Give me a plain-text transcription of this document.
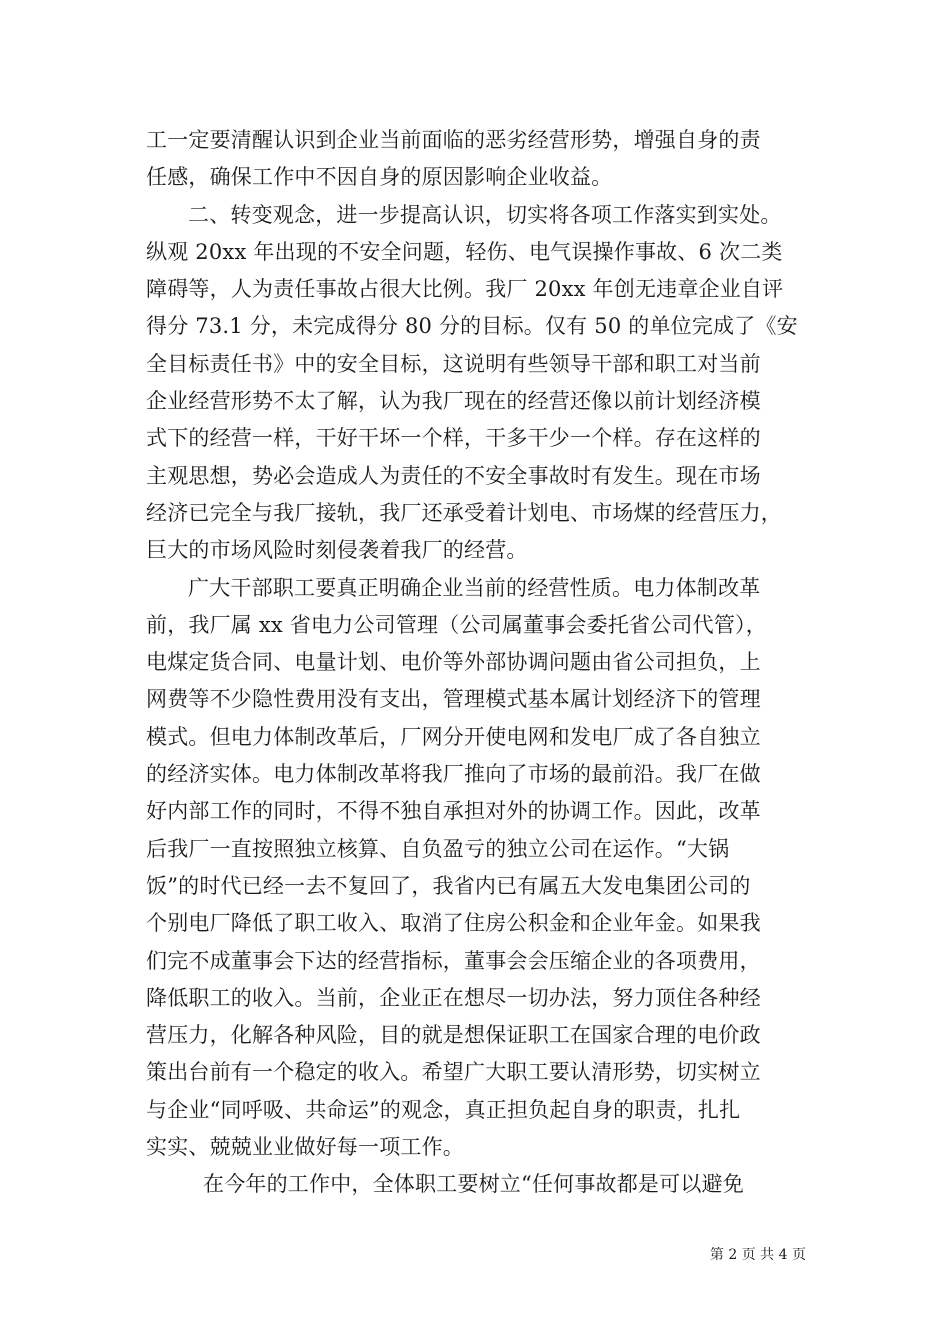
工一定要清醒认识到企业当前面临的恶劣经营形势，增强自身的责
任感，确保工作中不因自身的原因影响企业收益。
二、转变观念，进一步提高认识，切实将各项工作落实到实处。
纵观 20xx 年出现的不安全问题，轻伤、电气误操作事故、6 次二类
障碍等，人为责任事故占很大比例。我厂 20xx 年创无违章企业自评
得分 73.1 分，未完成得分 80 分的目标。仅有 50 的单位完成了《安
全目标责任书》中的安全目标，这说明有些领导干部和职工对当前
企业经营形势不太了解，认为我厂现在的经营还像以前计划经济模
式下的经营一样，干好干坏一个样，干多干少一个样。存在这样的
主观思想，势必会造成人为责任的不安全事故时有发生。现在市场
经济已完全与我厂接轨，我厂还承受着计划电、市场煤的经营压力，
巨大的市场风险时刻侵袭着我厂的经营。
广大干部职工要真正明确企业当前的经营性质。电力体制改革
前，我厂属 xx 省电力公司管理（公司属董事会委托省公司代管），
电煤定货合同、电量计划、电价等外部协调问题由省公司担负，上
网费等不少隐性费用没有支出，管理模式基本属计划经济下的管理
模式。但电力体制改革后，厂网分开使电网和发电厂成了各自独立
的经济实体。电力体制改革将我厂推向了市场的最前沿。我厂在做
好内部工作的同时，不得不独自承担对外的协调工作。因此，改革
后我厂一直按照独立核算、自负盈亏的独立公司在运作。“大锅
饭”的时代已经一去不复回了，我省内已有属五大发电集团公司的
个别电厂降低了职工收入、取消了住房公积金和企业年金。如果我
们完不成董事会下达的经营指标，董事会会压缩企业的各项费用，
降低职工的收入。当前，企业正在想尽一切办法，努力顶住各种经
营压力，化解各种风险，目的就是想保证职工在国家合理的电价政
策出台前有一个稳定的收入。希望广大职工要认清形势，切实树立
与企业“同呼吸、共命运”的观念，真正担负起自身的职责，扎扎
实实、兢兢业业做好每一项工作。
在今年的工作中，全体职工要树立“任何事故都是可以避免
第 2 页 共 4 页
